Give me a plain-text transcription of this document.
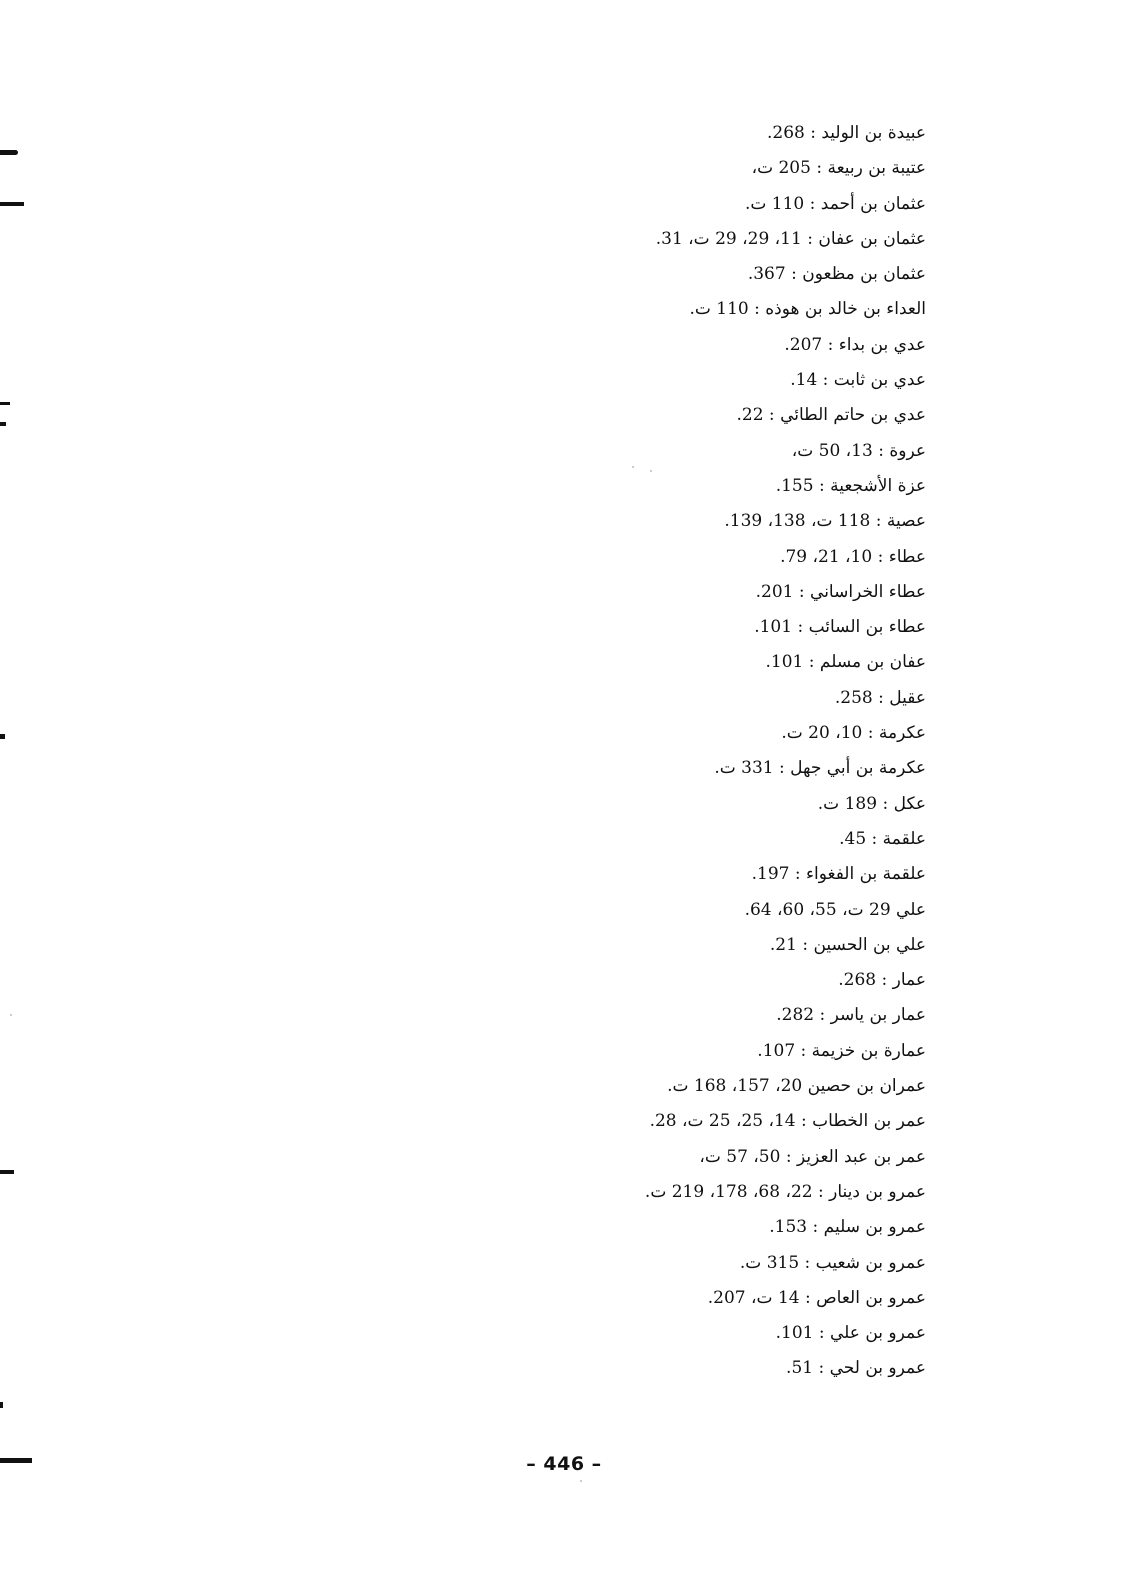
عبيدة بن الوليد : 268.
عتيبة بن ربيعة : 205 ت،
عثمان بن أحمد : 110 ت.
عثمان بن عفان : 11، 29، 29 ت، 31.
عثمان بن مظعون : 367.
العداء بن خالد بن هوذه : 110 ت.
عدي بن بداء : 207.
عدي بن ثابت : 14.
عدي بن حاتم الطائي : 22.
عروة : 13، 50 ت،
عزة الأشجعية : 155.
عصية : 118 ت، 138، 139.
عطاء : 10، 21، 79.
عطاء الخراساني : 201.
عطاء بن السائب : 101.
عفان بن مسلم : 101.
عقيل : 258.
عكرمة : 10، 20 ت.
عكرمة بن أبي جهل : 331 ت.
عكل : 189 ت.
علقمة : 45.
علقمة بن الفغواء : 197.
علي 29 ت، 55، 60، 64.
علي بن الحسين : 21.
عمار : 268.
عمار بن ياسر : 282.
عمارة بن خزيمة : 107.
عمران بن حصين 20، 157، 168 ت.
عمر بن الخطاب : 14، 25، 25 ت، 28.
عمر بن عبد العزيز : 50، 57 ت،
عمرو بن دينار : 22، 68، 178، 219 ت.
عمرو بن سليم : 153.
عمرو بن شعيب : 315 ت.
عمرو بن العاص : 14 ت، 207.
عمرو بن علي : 101.
عمرو بن لحي : 51.
– 446 –
